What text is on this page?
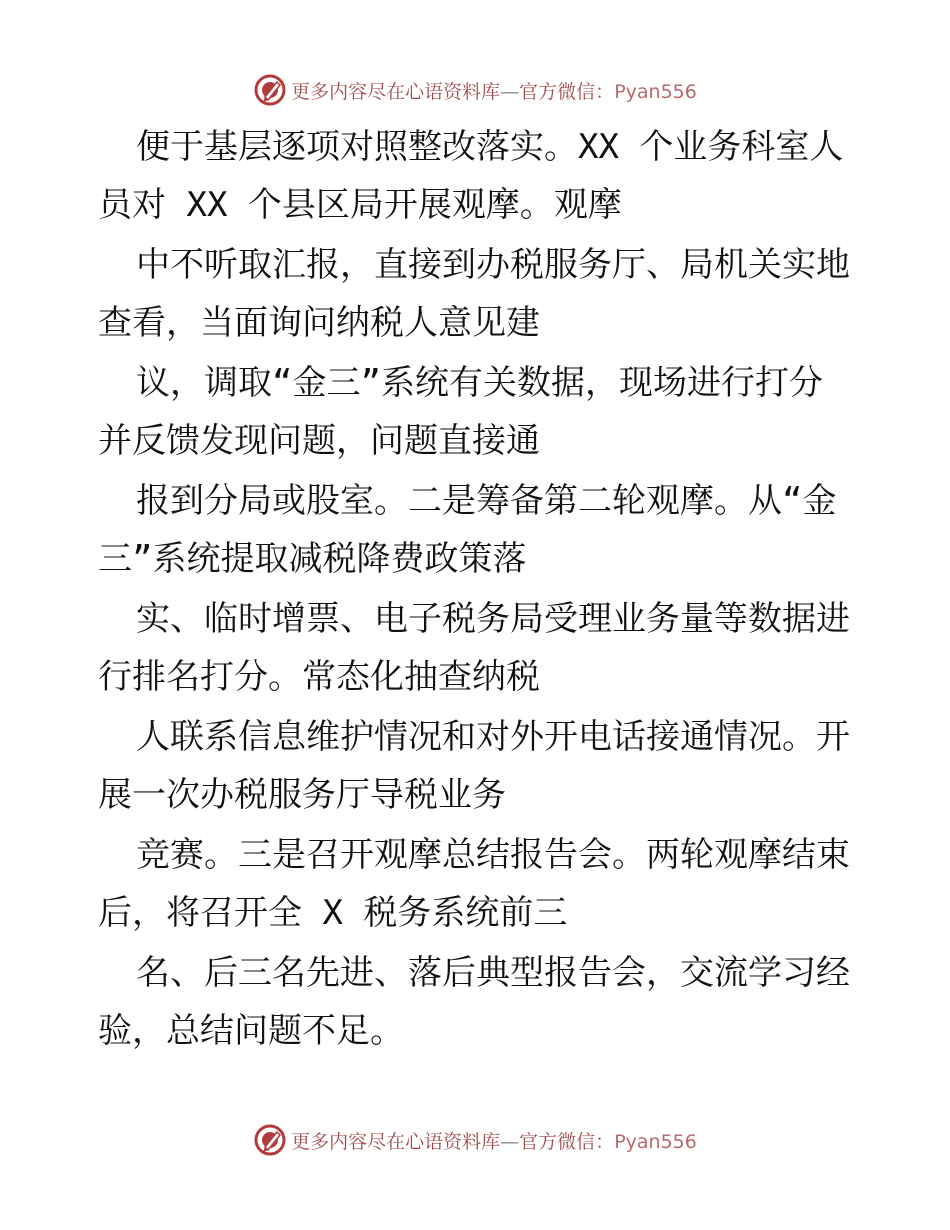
更多内容尽在心语资料库—官方微信：Pyan556
便于基层逐项对照整改落实。XX 个业务科室人
员对 XX 个县区局开展观摩。观摩
中不听取汇报，直接到办税服务厅、局机关实地
查看，当面询问纳税人意见建
议，调取“金三”系统有关数据，现场进行打分
并反馈发现问题，问题直接通
报到分局或股室。二是筹备第二轮观摩。从“金
三”系统提取减税降费政策落
实、临时增票、电子税务局受理业务量等数据进
行排名打分。常态化抽查纳税
人联系信息维护情况和对外开电话接通情况。开
展一次办税服务厅导税业务
竞赛。三是召开观摩总结报告会。两轮观摩结束
后，将召开全 X 税务系统前三
名、后三名先进、落后典型报告会，交流学习经
验，总结问题不足。
更多内容尽在心语资料库—官方微信：Pyan556
